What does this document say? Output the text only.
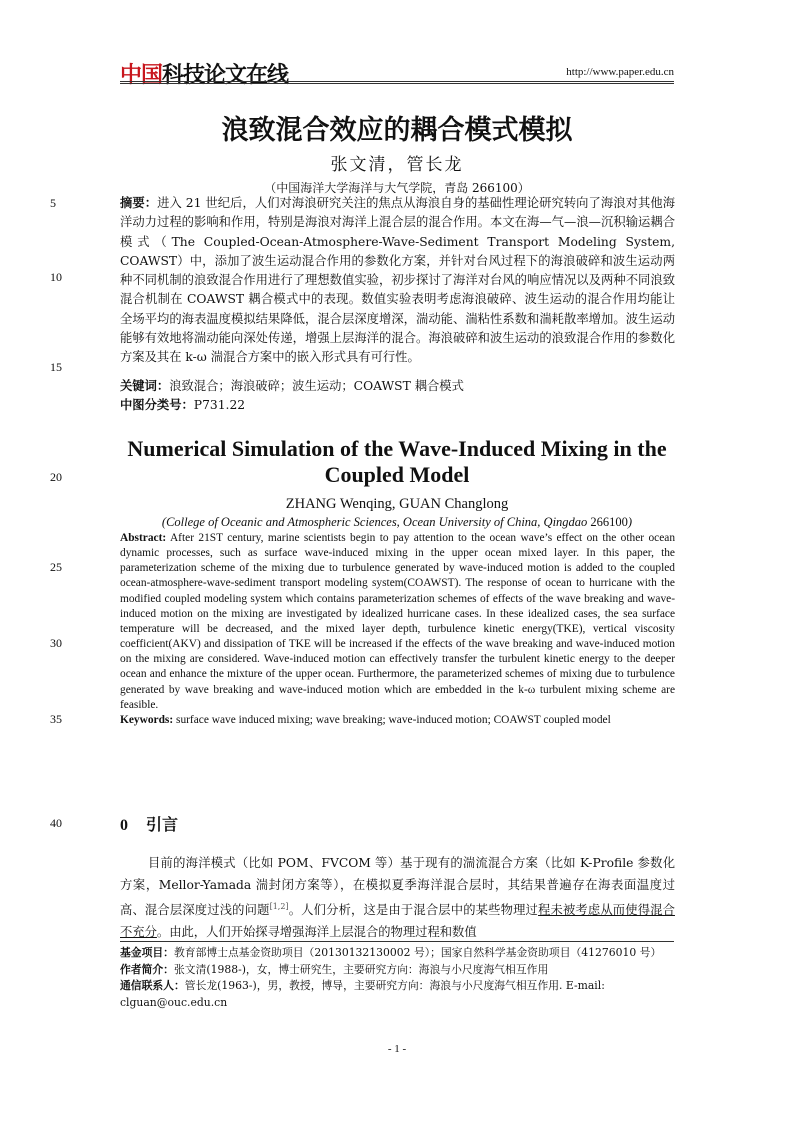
中国科技论文在线	http://www.paper.edu.cn
浪致混合效应的耦合模式模拟
张文清，管长龙
（中国海洋大学海洋与大气学院，青岛 266100）
5
10
15
20
25
30
35
40
摘要：进入 21 世纪后，人们对海浪研究关注的焦点从海浪自身的基础性理论研究转向了海浪对其他海洋动力过程的影响和作用，特别是海浪对海洋上混合层的混合作用。本文在海—气—浪—沉积输运耦合模式（The Coupled-Ocean-Atmosphere-Wave-Sediment Transport Modeling System, COAWST）中，添加了波生运动混合作用的参数化方案，并针对台风过程下的海浪破碎和波生运动两种不同机制的浪致混合作用进行了理想数值实验，初步探讨了海洋对台风的响应情况以及两种不同浪致混合机制在 COAWST 耦合模式中的表现。数值实验表明考虑海浪破碎、波生运动的混合作用均能让全场平均的海表温度模拟结果降低，混合层深度增深，湍动能、湍粘性系数和湍耗散率增加。波生运动能够有效地将湍动能向深处传递，增强上层海洋的混合。海浪破碎和波生运动的浪致混合作用的参数化方案及其在 k-ω 湍混合方案中的嵌入形式具有可行性。
关键词：浪致混合；海浪破碎；波生运动；COAWST 耦合模式
中图分类号：P731.22
Numerical Simulation of the Wave-Induced Mixing in the
Coupled Model
ZHANG Wenqing, GUAN Changlong
(College of Oceanic and Atmospheric Sciences, Ocean University of China, Qingdao 266100)
Abstract: After 21ST century, marine scientists begin to pay attention to the ocean wave’s effect on the other ocean dynamic processes, such as surface wave-induced mixing in the upper ocean mixed layer. In this paper, the parameterization scheme of the mixing due to turbulence generated by wave-induced motion is added to the coupled ocean-atmosphere-wave-sediment transport modeling system(COAWST). The response of ocean to hurricane with the modified coupled modeling system which contains parameterization schemes of effects of the wave breaking and wave-induced motion on the mixing are investigated by idealized hurricane cases. In these idealized cases, the sea surface temperature will be decreased, and the mixed layer depth, turbulence kinetic energy(TKE), vertical viscosity coefficient(AKV) and dissipation of TKE will be increased if the effects of the wave breaking and wave-induced motion on the mixing are considered. Wave-induced motion can effectively transfer the turbulent kinetic energy to the deeper ocean and enhance the mixture of the upper ocean. Furthermore, the parameterized schemes of mixing due to turbulence generated by wave breaking and wave-induced motion which are embedded in the k-ω turbulent mixing scheme are feasible.
Keywords: surface wave induced mixing; wave breaking; wave-induced motion; COAWST coupled model
0 引言
目前的海洋模式（比如 POM、FVCOM 等）基于现有的湍流混合方案（比如 K-Profile 参数化方案，Mellor-Yamada 湍封闭方案等），在模拟夏季海洋混合层时，其结果普遍存在海表面温度过高、混合层深度过浅的问题[1,2]。人们分析，这是由于混合层中的某些物理过程未被考虑从而使得混合不充分。由此，人们开始探寻增强海洋上层混合的物理过程和数值
基金项目：教育部博士点基金资助项目（20130132130002 号）；国家自然科学基金资助项目（41276010 号）
作者简介：张文清(1988-)，女，博士研究生，主要研究方向：海浪与小尺度海气相互作用
通信联系人：管长龙(1963-)，男，教授，博导，主要研究方向：海浪与小尺度海气相互作用. E-mail:
clguan@ouc.edu.cn
- 1 -
